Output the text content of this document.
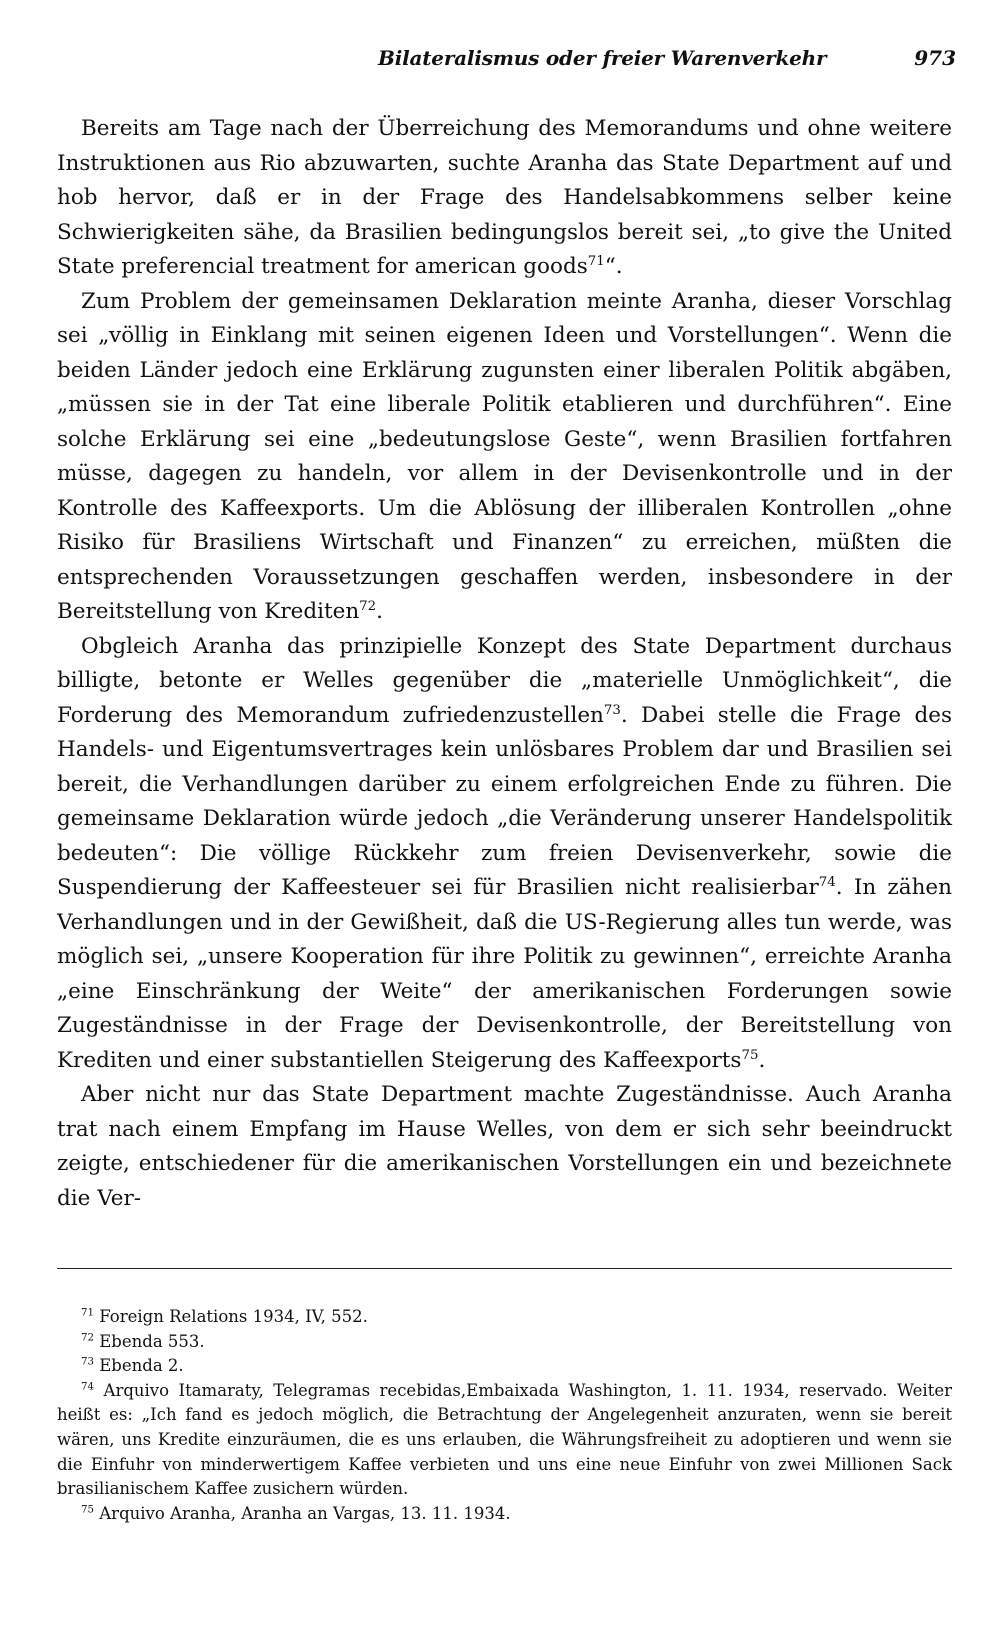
Bilateralismus oder freier Warenverkehr	973

Bereits am Tage nach der Überreichung des Memorandums und ohne weitere Instruktionen aus Rio abzuwarten, suchte Aranha das State Department auf und hob hervor, daß er in der Frage des Handelsabkommens selber keine Schwierigkeiten sähe, da Brasilien bedingungslos bereit sei, „to give the United State preferencial treatment for american goods$^{71}$“.

Zum Problem der gemeinsamen Deklaration meinte Aranha, dieser Vorschlag sei „völlig in Einklang mit seinen eigenen Ideen und Vorstellungen“. Wenn die beiden Länder jedoch eine Erklärung zugunsten einer liberalen Politik abgäben, „müssen sie in der Tat eine liberale Politik etablieren und durchführen“. Eine solche Erklärung sei eine „bedeutungslose Geste“, wenn Brasilien fortfahren müsse, dagegen zu handeln, vor allem in der Devisenkontrolle und in der Kontrolle des Kaffeexports. Um die Ablösung der illiberalen Kontrollen „ohne Risiko für Brasiliens Wirtschaft und Finanzen“ zu erreichen, müßten die entsprechenden Voraussetzungen geschaffen werden, insbesondere in der Bereitstellung von Krediten$^{72}$.

Obgleich Aranha das prinzipielle Konzept des State Department durchaus billigte, betonte er Welles gegenüber die „materielle Unmöglichkeit“, die Forderung des Memorandum zufriedenzustellen$^{73}$. Dabei stelle die Frage des Handels- und Eigentumsvertrages kein unlösbares Problem dar und Brasilien sei bereit, die Verhandlungen darüber zu einem erfolgreichen Ende zu führen. Die gemeinsame Deklaration würde jedoch „die Veränderung unserer Handelspolitik bedeuten“: Die völlige Rückkehr zum freien Devisenverkehr, sowie die Suspendierung der Kaffeesteuer sei für Brasilien nicht realisierbar$^{74}$. In zähen Verhandlungen und in der Gewißheit, daß die US-Regierung alles tun werde, was möglich sei, „unsere Kooperation für ihre Politik zu gewinnen“, erreichte Aranha „eine Einschränkung der Weite“ der amerikanischen Forderungen sowie Zugeständnisse in der Frage der Devisenkontrolle, der Bereitstellung von Krediten und einer substantiellen Steigerung des Kaffeexports$^{75}$.

Aber nicht nur das State Department machte Zugeständnisse. Auch Aranha trat nach einem Empfang im Hause Welles, von dem er sich sehr beeindruckt zeigte, entschiedener für die amerikanischen Vorstellungen ein und bezeichnete die Ver-

$^{71}$ Foreign Relations 1934, IV, 552.

$^{72}$ Ebenda 553.

$^{73}$ Ebenda 2.

$^{74}$ Arquivo Itamaraty, Telegramas recebidas,Embaixada Washington, 1. 11. 1934, reservado. Weiter heißt es: „Ich fand es jedoch möglich, die Betrachtung der Angelegenheit anzuraten, wenn sie bereit wären, uns Kredite einzuräumen, die es uns erlauben, die Währungsfreiheit zu adoptieren und wenn sie die Einfuhr von minderwertigem Kaffee verbieten und uns eine neue Einfuhr von zwei Millionen Sack brasilianischem Kaffee zusichern würden.

$^{75}$ Arquivo Aranha, Aranha an Vargas, 13. 11. 1934.
